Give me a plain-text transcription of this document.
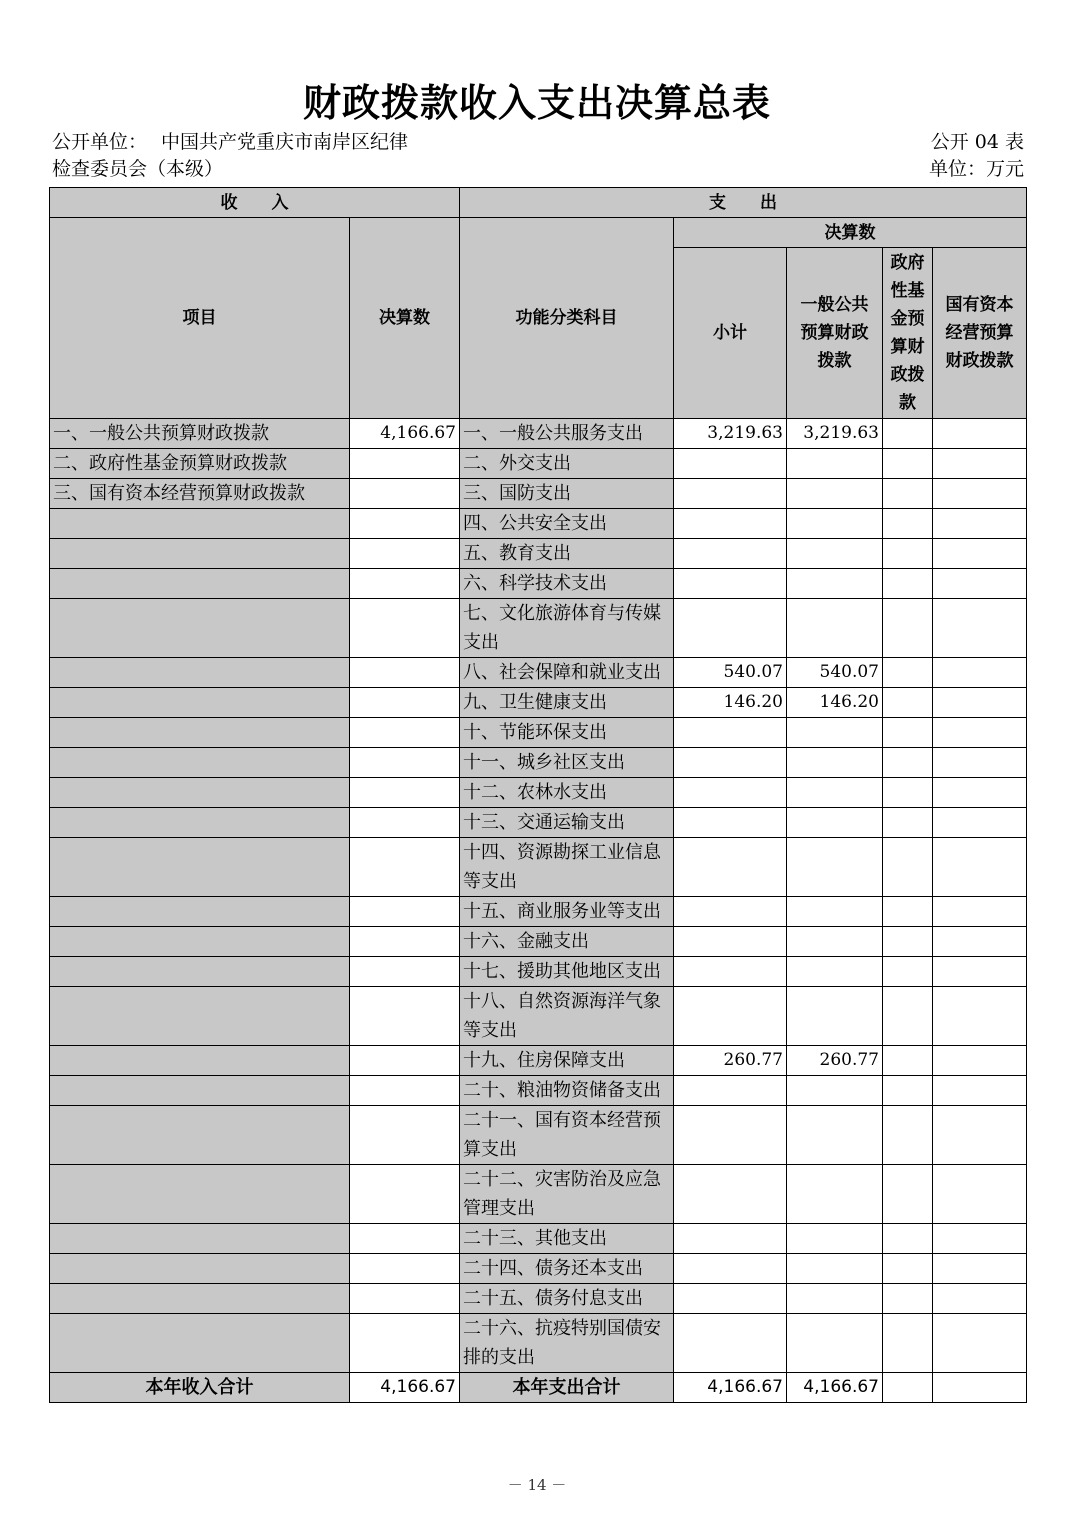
财政拨款收入支出决算总表
公开单位： 中国共产党重庆市南岸区纪律
检查委员会（本级）
公开 04 表
单位：万元
收　　入		支　　出				
项目	决算数	功能分类科目	决算数			
			小计	一般公共预算财政拨款	政府性基金预算财政拨款	国有资本经营预算财政拨款
一、一般公共预算财政拨款	4,166.67	一、一般公共服务支出	3,219.63	3,219.63		
二、政府性基金预算财政拨款		二、外交支出				
三、国有资本经营预算财政拨款		三、国防支出				
		四、公共安全支出				
		五、教育支出				
		六、科学技术支出				
		七、文化旅游体育与传媒支出				
		八、社会保障和就业支出	540.07	540.07		
		九、卫生健康支出	146.20	146.20		
		十、节能环保支出				
		十一、城乡社区支出				
		十二、农林水支出				
		十三、交通运输支出				
		十四、资源勘探工业信息等支出				
		十五、商业服务业等支出				
		十六、金融支出				
		十七、援助其他地区支出				
		十八、自然资源海洋气象等支出				
		十九、住房保障支出	260.77	260.77		
		二十、粮油物资储备支出				
		二十一、国有资本经营预算支出				
		二十二、灾害防治及应急管理支出				
		二十三、其他支出				
		二十四、债务还本支出				
		二十五、债务付息支出				
		二十六、抗疫特别国债安排的支出				
本年收入合计	4,166.67	本年支出合计	4,166.67	4,166.67		
－ 14 －
